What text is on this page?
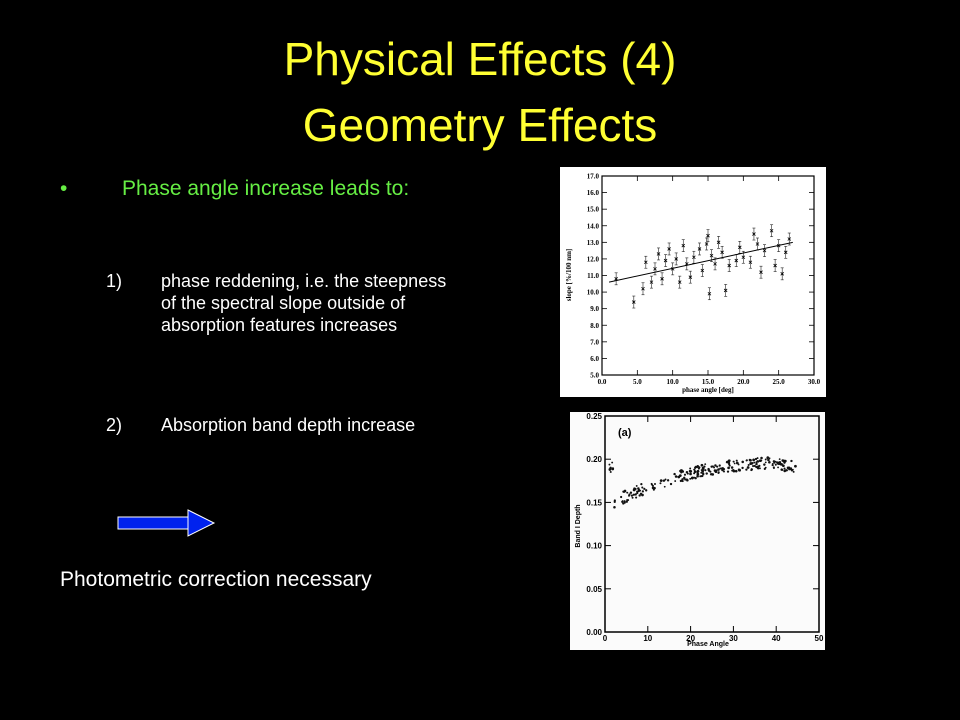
Physical Effects (4)
Geometry Effects
•	Phase angle increase leads to:
1) phase reddening, i.e. the steepness of the spectral slope outside of absorption features increases
2) Absorption band depth increase
Photometric correction necessary
5.0
6.0
7.0
8.0
9.0
10.0
11.0
12.0
13.0
14.0
15.0
16.0
17.0
0.0	5.0	10.0	15.0	20.0	25.0	30.0
phase angle [deg]
slope [%/100 nm]
0.00
0.05
0.10
0.15
0.20
0.25
0	10	20	30	40	50
(a)
Phase Angle
Band I Depth
